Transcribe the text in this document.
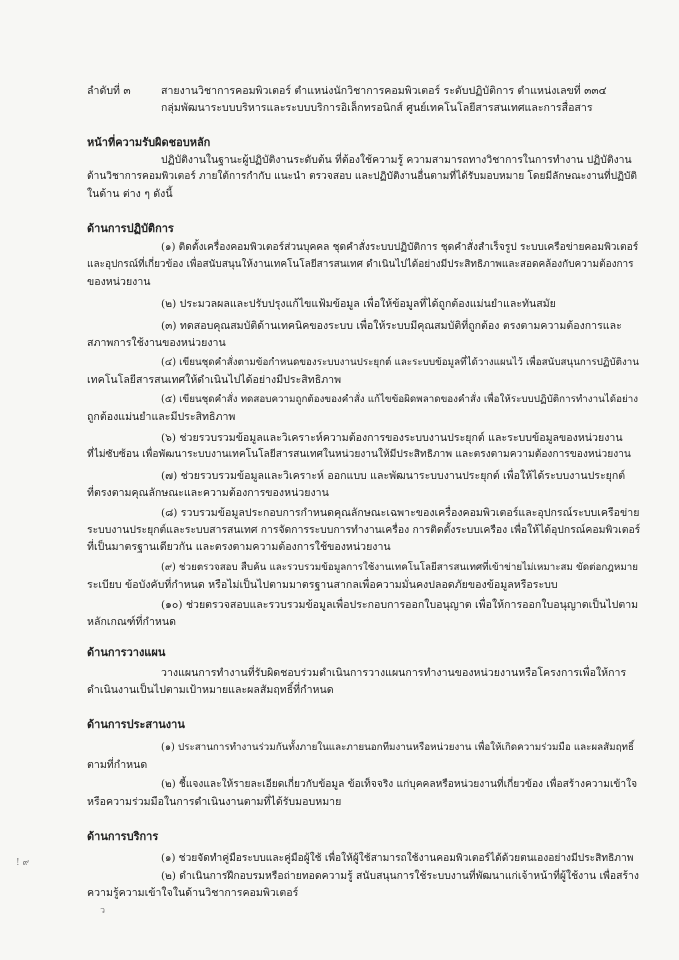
ลำดับที่ ๓	สายงานวิชาการคอมพิวเตอร์ ตำแหน่งนักวิชาการคอมพิวเตอร์ ระดับปฏิบัติการ ตำแหน่งเลขที่ ๓๓๔
กลุ่มพัฒนาระบบบริหารและระบบบริการอิเล็กทรอนิกส์ ศูนย์เทคโนโลยีสารสนเทศและการสื่อสาร
หน้าที่ความรับผิดชอบหลัก
ปฏิบัติงานในฐานะผู้ปฏิบัติงานระดับต้น ที่ต้องใช้ความรู้ ความสามารถทางวิชาการในการทำงาน ปฏิบัติงาน
ด้านวิชาการคอมพิวเตอร์ ภายใต้การกำกับ แนะนำ ตรวจสอบ และปฏิบัติงานอื่นตามที่ได้รับมอบหมาย โดยมีลักษณะงานที่ปฏิบัติ
ในด้าน ต่าง ๆ ดังนี้
ด้านการปฏิบัติการ
(๑) ติดตั้งเครื่องคอมพิวเตอร์ส่วนบุคคล ชุดคำสั่งระบบปฏิบัติการ ชุดคำสั่งสำเร็จรูป ระบบเครือข่ายคอมพิวเตอร์
และอุปกรณ์ที่เกี่ยวข้อง เพื่อสนับสนุนให้งานเทคโนโลยีสารสนเทศ ดำเนินไปได้อย่างมีประสิทธิภาพและสอดคล้องกับความต้องการ
ของหน่วยงาน
(๒) ประมวลผลและปรับปรุงแก้ไขแฟ้มข้อมูล เพื่อให้ข้อมูลที่ได้ถูกต้องแม่นยำและทันสมัย
(๓) ทดสอบคุณสมบัติด้านเทคนิคของระบบ เพื่อให้ระบบมีคุณสมบัติที่ถูกต้อง ตรงตามความต้องการและ
สภาพการใช้งานของหน่วยงาน
(๔) เขียนชุดคำสั่งตามข้อกำหนดของระบบงานประยุกต์ และระบบข้อมูลที่ได้วางแผนไว้ เพื่อสนับสนุนการปฏิบัติงาน
เทคโนโลยีสารสนเทศให้ดำเนินไปได้อย่างมีประสิทธิภาพ
(๕) เขียนชุดคำสั่ง ทดสอบความถูกต้องของคำสั่ง แก้ไขข้อผิดพลาดของคำสั่ง เพื่อให้ระบบปฏิบัติการทำงานได้อย่าง
ถูกต้องแม่นยำและมีประสิทธิภาพ
(๖) ช่วยรวบรวมข้อมูลและวิเคราะห์ความต้องการของระบบงานประยุกต์ และระบบข้อมูลของหน่วยงาน
ที่ไม่ซับซ้อน เพื่อพัฒนาระบบงานเทคโนโลยีสารสนเทศในหน่วยงานให้มีประสิทธิภาพ และตรงตามความต้องการของหน่วยงาน
(๗) ช่วยรวบรวมข้อมูลและวิเคราะห์ ออกแบบ และพัฒนาระบบงานประยุกต์ เพื่อให้ได้ระบบงานประยุกต์
ที่ตรงตามคุณลักษณะและความต้องการของหน่วยงาน
(๘) รวบรวมข้อมูลประกอบการกำหนดคุณลักษณะเฉพาะของเครื่องคอมพิวเตอร์และอุปกรณ์ระบบเครือข่าย
ระบบงานประยุกต์และระบบสารสนเทศ การจัดการระบบการทำงานเครื่อง การติดตั้งระบบเครือง เพื่อให้ได้อุปกรณ์คอมพิวเตอร์
ที่เป็นมาตรฐานเดียวกัน และตรงตามความต้องการใช้ของหน่วยงาน
(๙) ช่วยตรวจสอบ สืบค้น และรวบรวมข้อมูลการใช้งานเทคโนโลยีสารสนเทศที่เข้าข่ายไม่เหมาะสม ขัดต่อกฎหมาย
ระเบียบ ข้อบังคับที่กำหนด หรือไม่เป็นไปตามมาตรฐานสากลเพื่อความมั่นคงปลอดภัยของข้อมูลหรือระบบ
(๑๐) ช่วยตรวจสอบและรวบรวมข้อมูลเพื่อประกอบการออกใบอนุญาต เพื่อให้การออกใบอนุญาตเป็นไปตาม
หลักเกณฑ์ที่กำหนด
ด้านการวางแผน
วางแผนการทำงานที่รับผิดชอบร่วมดำเนินการวางแผนการทำงานของหน่วยงานหรือโครงการเพื่อให้การ
ดำเนินงานเป็นไปตามเป้าหมายและผลสัมฤทธิ์ที่กำหนด
ด้านการประสานงาน
(๑) ประสานการทำงานร่วมกันทั้งภายในและภายนอกทีมงานหรือหน่วยงาน เพื่อให้เกิดความร่วมมือ และผลสัมฤทธิ์
ตามที่กำหนด
(๒) ชี้แจงและให้รายละเอียดเกี่ยวกับข้อมูล ข้อเท็จจริง แก่บุคคลหรือหน่วยงานที่เกี่ยวข้อง เพื่อสร้างความเข้าใจ
หรือความร่วมมือในการดำเนินงานตามที่ได้รับมอบหมาย
ด้านการบริการ
(๑) ช่วยจัดทำคู่มือระบบและคู่มือผู้ใช้ เพื่อให้ผู้ใช้สามารถใช้งานคอมพิวเตอร์ได้ด้วยตนเองอย่างมีประสิทธิภาพ
(๒) ดำเนินการฝึกอบรมหรือถ่ายทอดความรู้ สนับสนุนการใช้ระบบงานที่พัฒนาแก่เจ้าหน้าที่ผู้ใช้งาน เพื่อสร้าง
ความรู้ความเข้าใจในด้านวิชาการคอมพิวเตอร์
! ๙
ว
